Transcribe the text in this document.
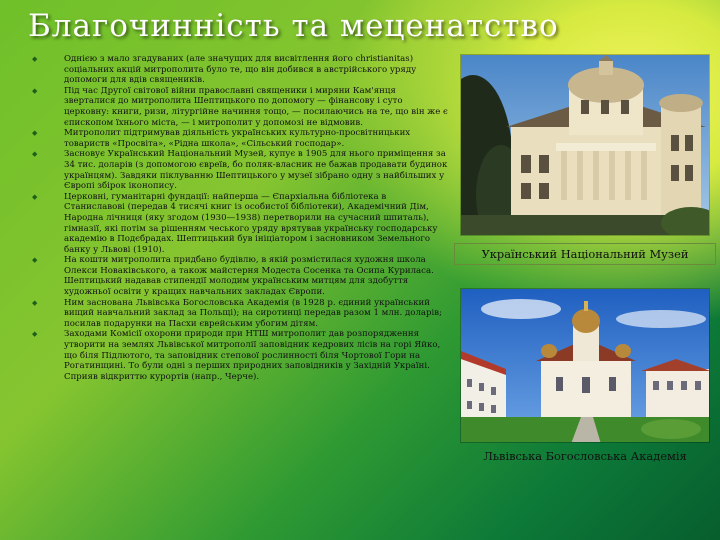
Благочинність та меценатство
◆ Однією з мало згадуваних (але значущих для висвітлення його christianitas) соціальних акцій митрополита було те, що він добився в австрійського уряду допомоги для вдів священиків.
◆ Під час Другої світової війни православні священики і миряни Кам'янця зверталися до митрополита Шептицького по допомогу — фінансову і суто церковну: книги, ризи, літургійне начиння тощо, — посилаючись на те, що він же є єпископом їхнього міста, — і митрополит у допомозі не відмовив.
◆ Митрополит підтримував діяльність українських культурно-просвітницьких товариств «Просвіта», «Рідна школа», «Сільський господар».
◆ Засновує Український Національний Музей, купує в 1905 для нього приміщення за 34 тис. доларів (з допомогою євреїв, бо поляк-власник не бажав продавати будинок українцям). Завдяки піклуванню Шептицького у музеї зібрано одну з найбільших у Європі збірок іконопису.
◆ Церковні, гуманітарні фундації: найперша — Єпархіальна бібліотека в Станиславові (передав 4 тисячі книг із особистої бібліотеки), Академічний Дім, Народна лічниця (яку згодом (1930—1938) перетворили на сучасний шпиталь), гімназії, які потім за рішенням чеського уряду врятував українську господарську академію в Подєбрадах. Шептицький був ініціатором і засновником Земельного банку у Львові (1910).
◆ На кошти митрополита придбано будівлю, в якій розмістилася художня школа Олекси Новаківського, а також майстерня Модеста Сосенка та Осипа Куриласа. Шептицький надавав стипендії молодим українським митцям для здобуття художньої освіти у кращих навчальних закладах Європи.
◆ Ним заснована Львівська Богословська Академія (в 1928 р. єдиний український вищий навчальний заклад за Польщі); на сиротинці передав разом 1 млн. доларів; посилав подарунки на Пасхи єврейським убогим дітям.
◆ Заходами Комісії охорони природи при НТШ митрополит дав розпорядження утворити на землях Львівської митрополії заповідник кедрових лісів на горі Яйко, що біля Підлютого, та заповідник степової рослинності біля Чортової Гори на Рогатинщині. То були одні з перших природних заповідників у Західній Україні. Сприяв відкриттю курортів (напр., Черче).
Український Національний Музей
Львівська Богословська Академія
